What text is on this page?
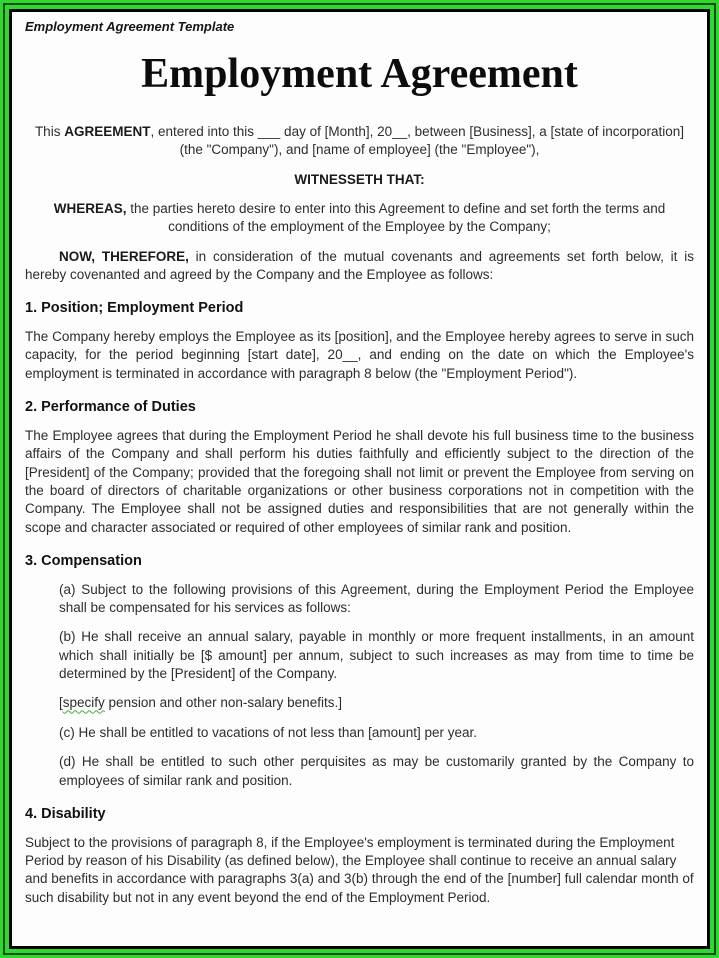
Employment Agreement Template

Employment Agreement

This AGREEMENT, entered into this ___ day of [Month], 20__, between [Business], a [state of incorporation] (the "Company"), and [name of employee] (the "Employee"),

WITNESSETH THAT:

WHEREAS, the parties hereto desire to enter into this Agreement to define and set forth the terms and conditions of the employment of the Employee by the Company;

NOW, THEREFORE, in consideration of the mutual covenants and agreements set forth below, it is hereby covenanted and agreed by the Company and the Employee as follows:

1. Position; Employment Period

The Company hereby employs the Employee as its [position], and the Employee hereby agrees to serve in such capacity, for the period beginning [start date], 20__, and ending on the date on which the Employee's employment is terminated in accordance with paragraph 8 below (the "Employment Period").

2. Performance of Duties

The Employee agrees that during the Employment Period he shall devote his full business time to the business affairs of the Company and shall perform his duties faithfully and efficiently subject to the direction of the [President] of the Company; provided that the foregoing shall not limit or prevent the Employee from serving on the board of directors of charitable organizations or other business corporations not in competition with the Company. The Employee shall not be assigned duties and responsibilities that are not generally within the scope and character associated or required of other employees of similar rank and position.

3. Compensation

(a) Subject to the following provisions of this Agreement, during the Employment Period the Employee shall be compensated for his services as follows:

(b) He shall receive an annual salary, payable in monthly or more frequent installments, in an amount which shall initially be [$ amount] per annum, subject to such increases as may from time to time be determined by the [President] of the Company.

[specify pension and other non-salary benefits.]

(c) He shall be entitled to vacations of not less than [amount] per year.

(d) He shall be entitled to such other perquisites as may be customarily granted by the Company to employees of similar rank and position.

4. Disability

Subject to the provisions of paragraph 8, if the Employee's employment is terminated during the Employment Period by reason of his Disability (as defined below), the Employee shall continue to receive an annual salary and benefits in accordance with paragraphs 3(a) and 3(b) through the end of the [number] full calendar month of such disability but not in any event beyond the end of the Employment Period.
